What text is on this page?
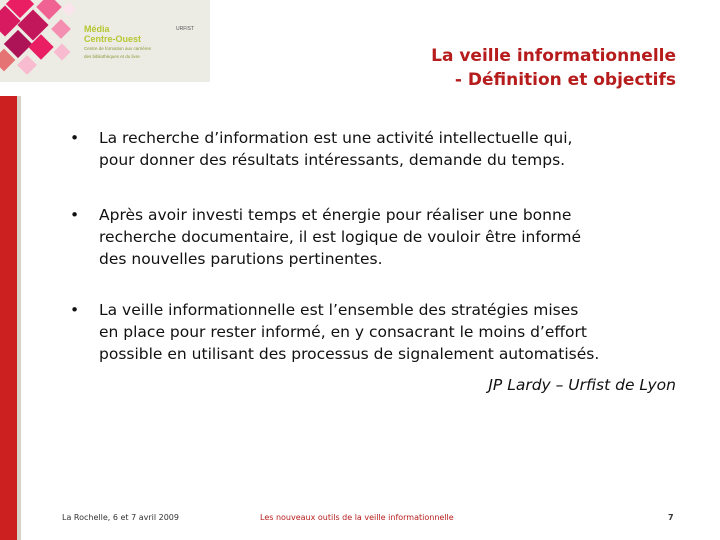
Média
Centre-Ouest
Centre de formation aux carrières
des bibliothèques et du livre
URFIST
La veille informationnelle
- Définition et objectifs
• La recherche d’information est une activité intellectuelle qui,
pour donner des résultats intéressants, demande du temps.
• Après avoir investi temps et énergie pour réaliser une bonne
recherche documentaire, il est logique de vouloir être informé
des nouvelles parutions pertinentes.
• La veille informationnelle est l’ensemble des stratégies mises
en place pour rester informé, en y consacrant le moins d’effort
possible en utilisant des processus de signalement automatisés.
JP Lardy – Urfist de Lyon
La Rochelle, 6 et 7 avril 2009	Les nouveaux outils de la veille informationnelle	7
